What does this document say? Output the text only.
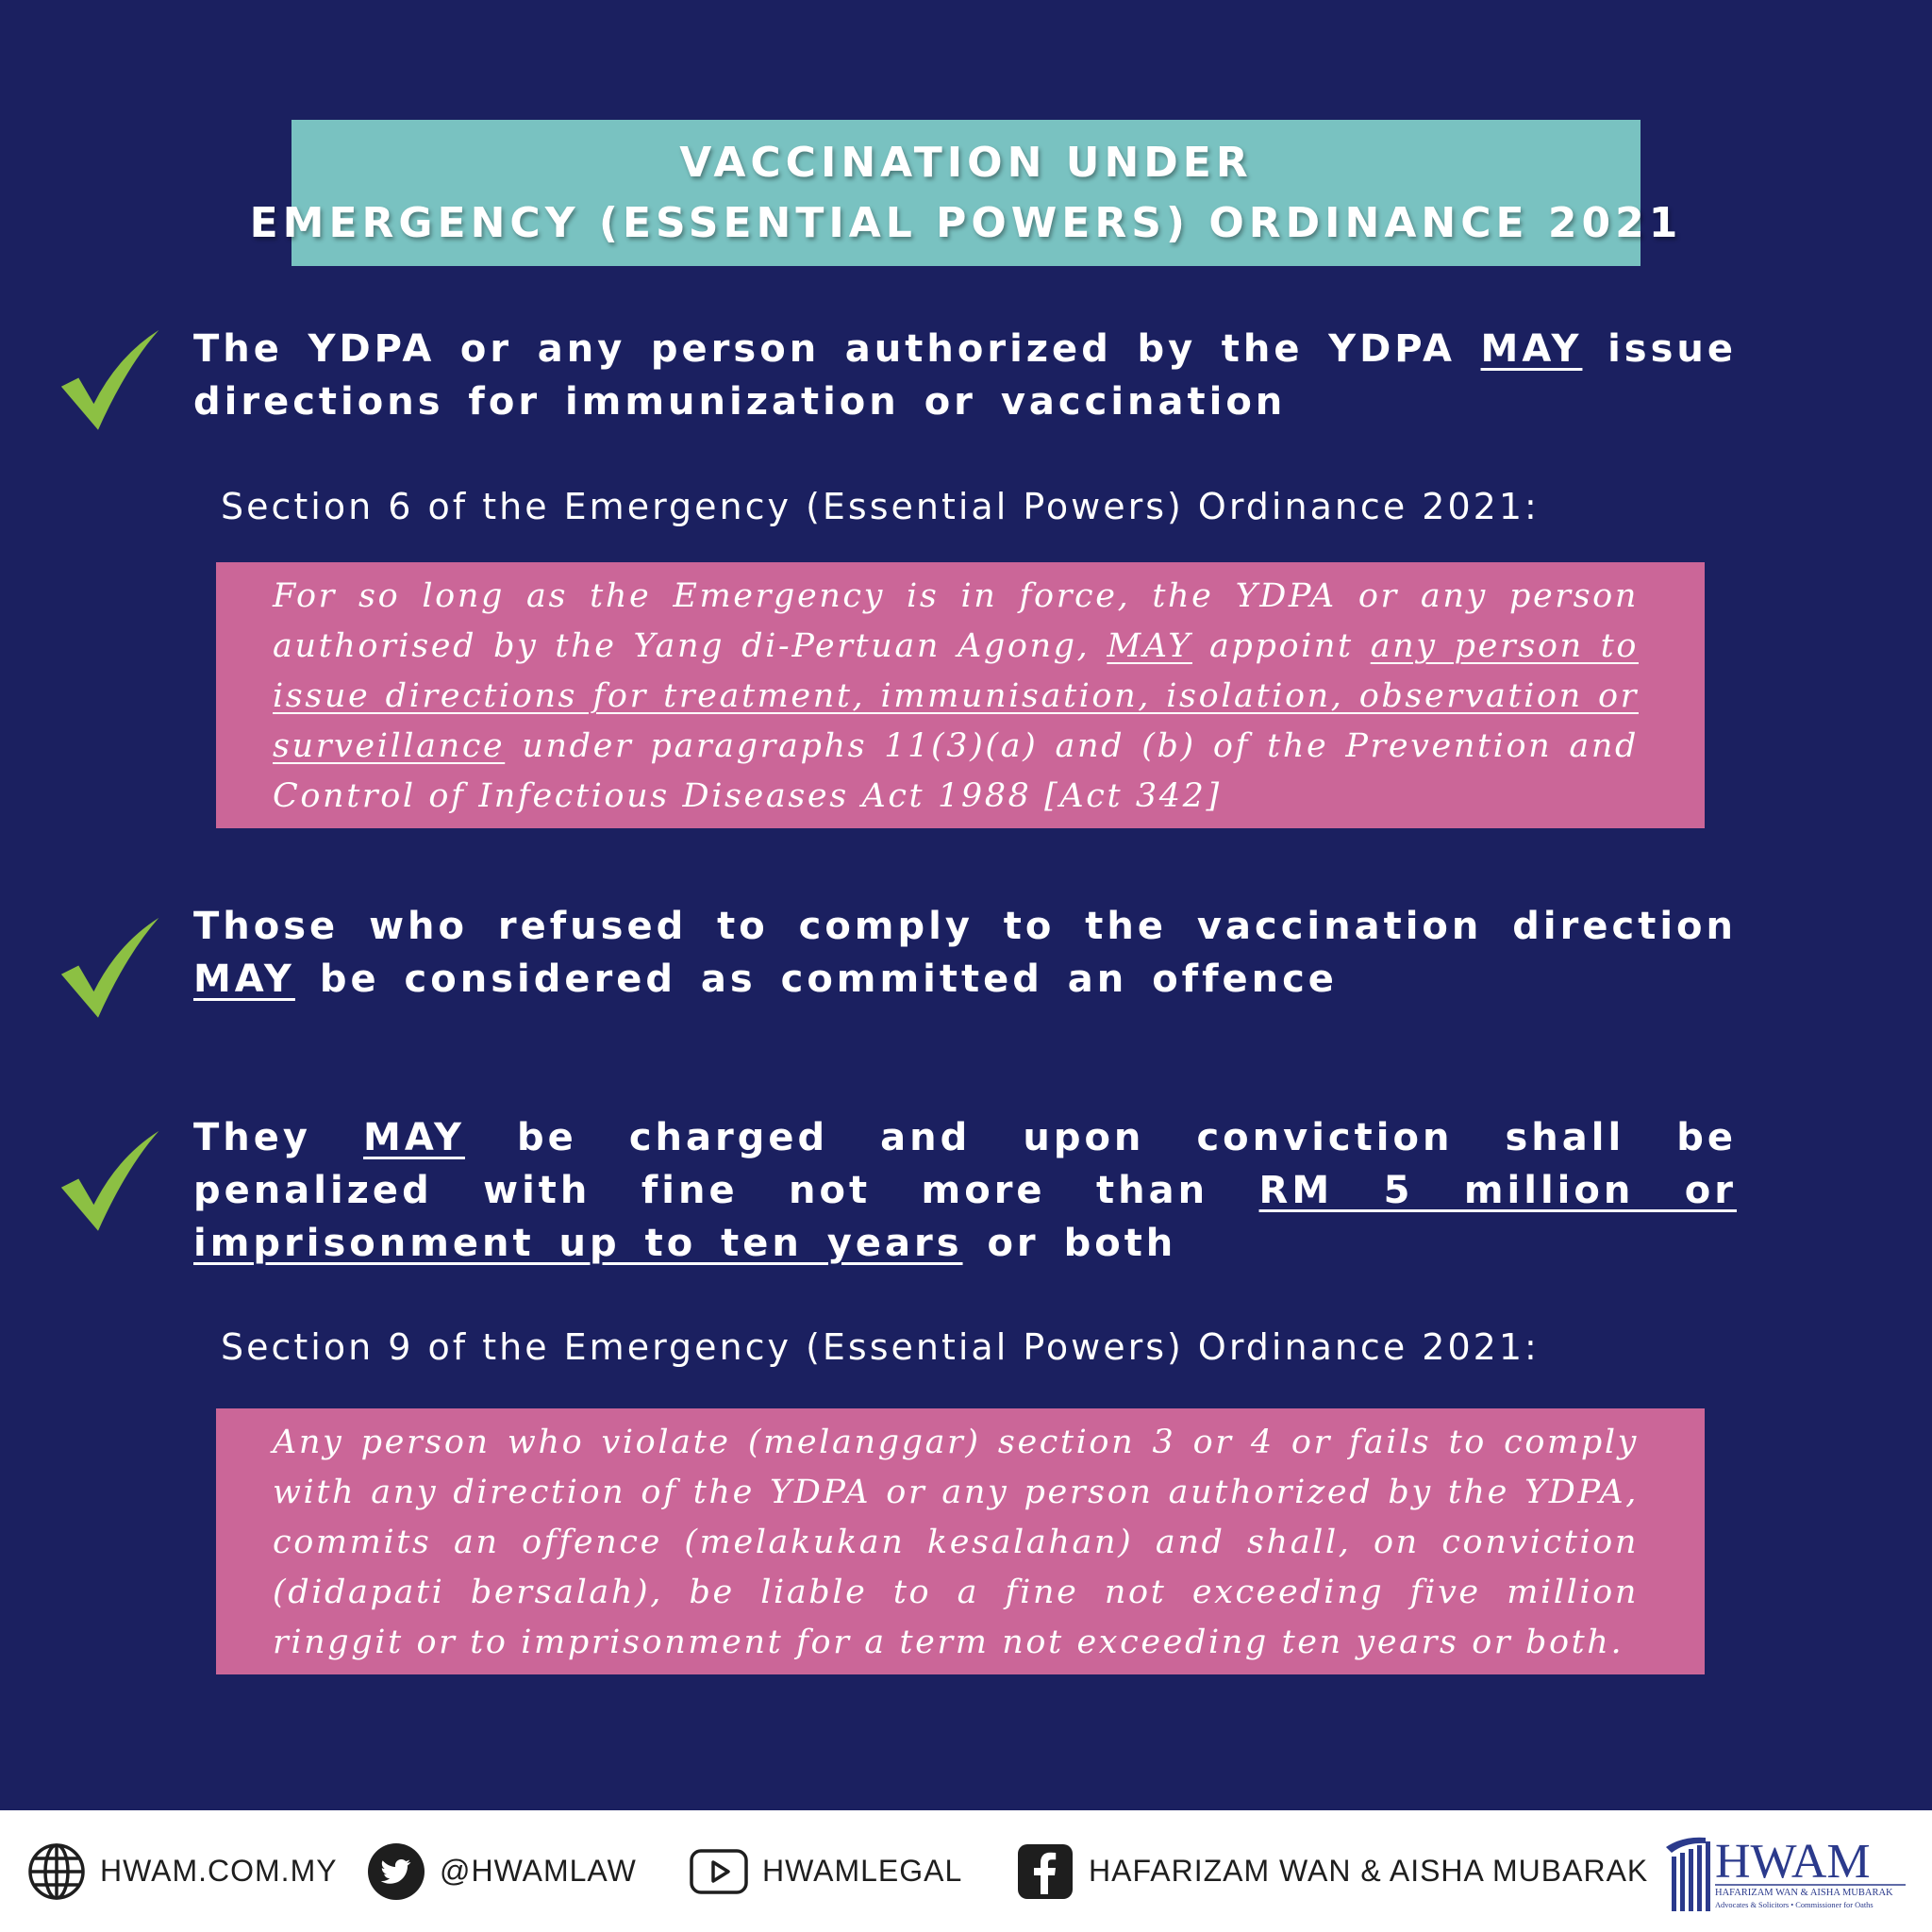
VACCINATION UNDER
EMERGENCY (ESSENTIAL POWERS) ORDINANCE 2021
The YDPA or any person authorized by the YDPA MAY issue directions for immunization or vaccination
Section 6 of the Emergency (Essential Powers) Ordinance 2021:
For so long as the Emergency is in force, the YDPA or any person authorised by the Yang di-Pertuan Agong, MAY appoint any person to issue directions for treatment, immunisation, isolation, observation or surveillance under paragraphs 11(3)(a) and (b) of the Prevention and Control of Infectious Diseases Act 1988 [Act 342]
Those who refused to comply to the vaccination direction MAY be considered as committed an offence
They MAY be charged and upon conviction shall be penalized with fine not more than RM 5 million or imprisonment up to ten years or both
Section 9 of the Emergency (Essential Powers) Ordinance 2021:
Any person who violate (melanggar) section 3 or 4 or fails to comply with any direction of the YDPA or any person authorized by the YDPA, commits an offence (melakukan kesalahan) and shall, on conviction (didapati bersalah), be liable to a fine not exceeding five million ringgit or to imprisonment for a term not exceeding ten years or both.
HWAM.COM.MY	@HWAMLAW	HWAMLEGAL	HAFARIZAM WAN & AISHA MUBARAK HWAM
HAFARIZAM WAN & AISHA MUBARAK
Advocates & Solicitors • Commissioner for Oaths
